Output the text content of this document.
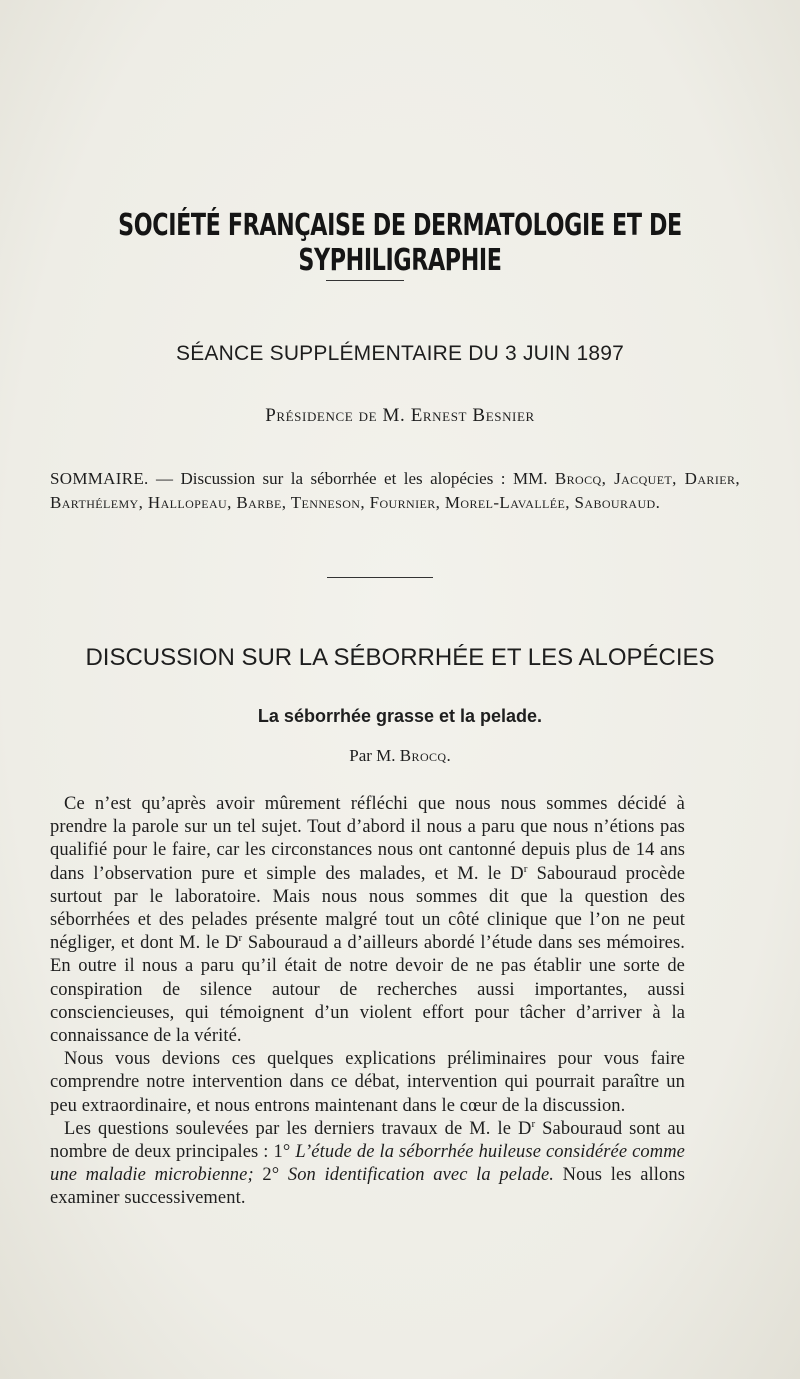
SOCIÉTÉ FRANÇAISE DE DERMATOLOGIE ET DE SYPHILIGRAPHIE
SÉANCE SUPPLÉMENTAIRE DU 3 JUIN 1897
Présidence de M. Ernest Besnier
SOMMAIRE. — Discussion sur la séborrhée et les alopécies : MM. Brocq, Jacquet, Darier, Barthélemy, Hallopeau, Barbe, Tenneson, Fournier, Morel-Lavallée, Sabouraud.
DISCUSSION SUR LA SÉBORRHÉE ET LES ALOPÉCIES
La séborrhée grasse et la pelade.
Par M. Brocq.

Ce n’est qu’après avoir mûrement réfléchi que nous nous sommes décidé à prendre la parole sur un tel sujet. Tout d’abord il nous a paru que nous n’étions pas qualifié pour le faire, car les circonstances nous ont cantonné depuis plus de 14 ans dans l’observation pure et simple des malades, et M. le $D^r$ Sabouraud procède surtout par le laboratoire. Mais nous nous sommes dit que la question des séborrhées et des pelades présente malgré tout un côté clinique que l’on ne peut négliger, et dont M. le $D^r$ Sabouraud a d’ailleurs abordé l’étude dans ses mémoires. En outre il nous a paru qu’il était de notre devoir de ne pas établir une sorte de conspiration de silence autour de recherches aussi importantes, aussi consciencieuses, qui témoignent d’un violent effort pour tâcher d’arriver à la connaissance de la vérité.

Nous vous devions ces quelques explications préliminaires pour vous faire comprendre notre intervention dans ce débat, intervention qui pourrait paraître un peu extraordinaire, et nous entrons maintenant dans le cœur de la discussion.

Les questions soulevées par les derniers travaux de M. le $D^r$ Sabouraud sont au nombre de deux principales : 1° L’étude de la séborrhée huileuse considérée comme une maladie microbienne; 2° Son identification avec la pelade. Nous les allons examiner successivement.
